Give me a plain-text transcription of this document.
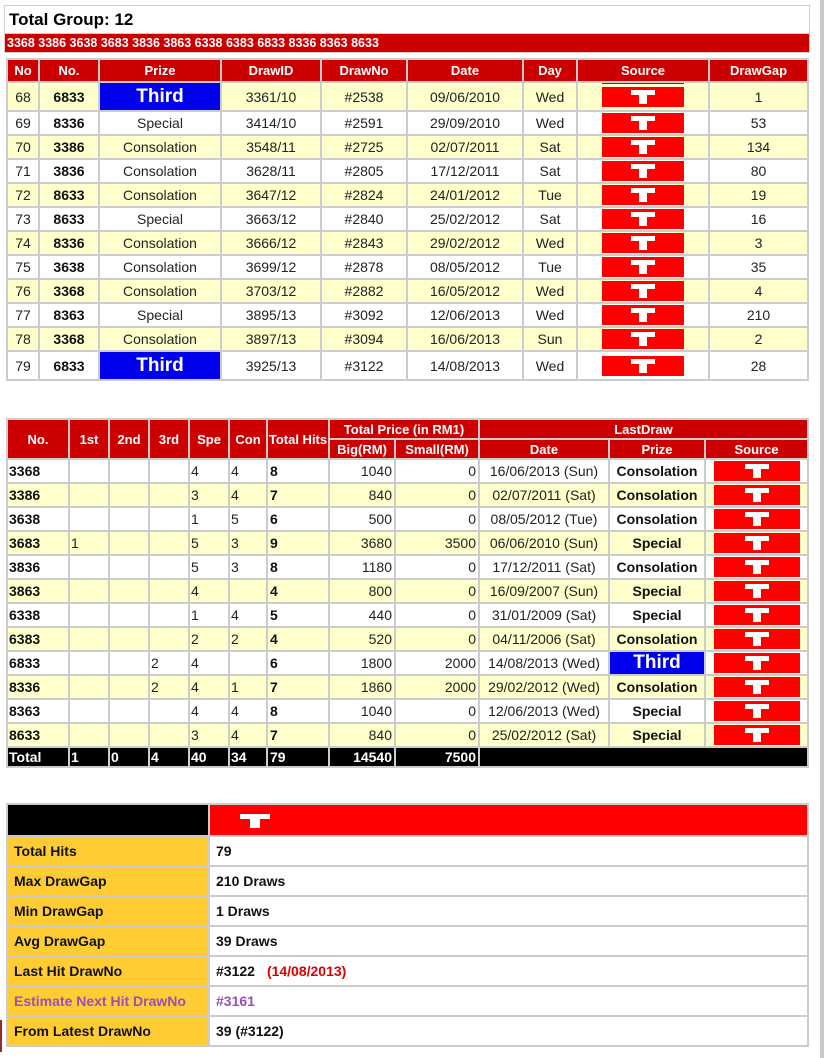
Total Group: 12
3368 3386 3638 3683 3836 3863 6338 6383 6833 8336 8363 8633
No	No.	Prize	DrawID	DrawNo	Date	Day	Source	DrawGap
68	6833	Third	3361/10	#2538	09/06/2010	Wed		1
69	8336	Special	3414/10	#2591	29/09/2010	Wed		53
70	3386	Consolation	3548/11	#2725	02/07/2011	Sat		134
71	3836	Consolation	3628/11	#2805	17/12/2011	Sat		80
72	8633	Consolation	3647/12	#2824	24/01/2012	Tue		19
73	8633	Special	3663/12	#2840	25/02/2012	Sat		16
74	8336	Consolation	3666/12	#2843	29/02/2012	Wed		3
75	3638	Consolation	3699/12	#2878	08/05/2012	Tue		35
76	3368	Consolation	3703/12	#2882	16/05/2012	Wed		4
77	8363	Special	3895/13	#3092	12/06/2013	Wed		210
78	3368	Consolation	3897/13	#3094	16/06/2013	Sun		2
79	6833	Third	3925/13	#3122	14/08/2013	Wed		28
No.	1st	2nd	3rd	Spe	Con	Total Hits	Total Price (in RM1)		LastDraw		
							Big(RM)	Small(RM)	Date	Prize	Source
3368				4	4	8	1040	0	16/06/2013 (Sun)	Consolation	
3386				3	4	7	840	0	02/07/2011 (Sat)	Consolation	
3638				1	5	6	500	0	08/05/2012 (Tue)	Consolation	
3683	1			5	3	9	3680	3500	06/06/2010 (Sun)	Special	
3836				5	3	8	1180	0	17/12/2011 (Sat)	Consolation	
3863				4		4	800	0	16/09/2007 (Sun)	Special	
6338				1	4	5	440	0	31/01/2009 (Sat)	Special	
6383				2	2	4	520	0	04/11/2006 (Sat)	Consolation	
6833			2	4		6	1800	2000	14/08/2013 (Wed)	Third	
8336			2	4	1	7	1860	2000	29/02/2012 (Wed)	Consolation	
8363				4	4	8	1040	0	12/06/2013 (Wed)	Special	
8633				3	4	7	840	0	25/02/2012 (Sat)	Special	
Total	1	0	4	40	34	79	14540	7500			

Total Hits	79
Max DrawGap	210 Draws
Min DrawGap	1 Draws
Avg DrawGap	39 Draws
Last Hit DrawNo	#3122 (14/08/2013)
Estimate Next Hit DrawNo	#3161
From Latest DrawNo	39 (#3122)
